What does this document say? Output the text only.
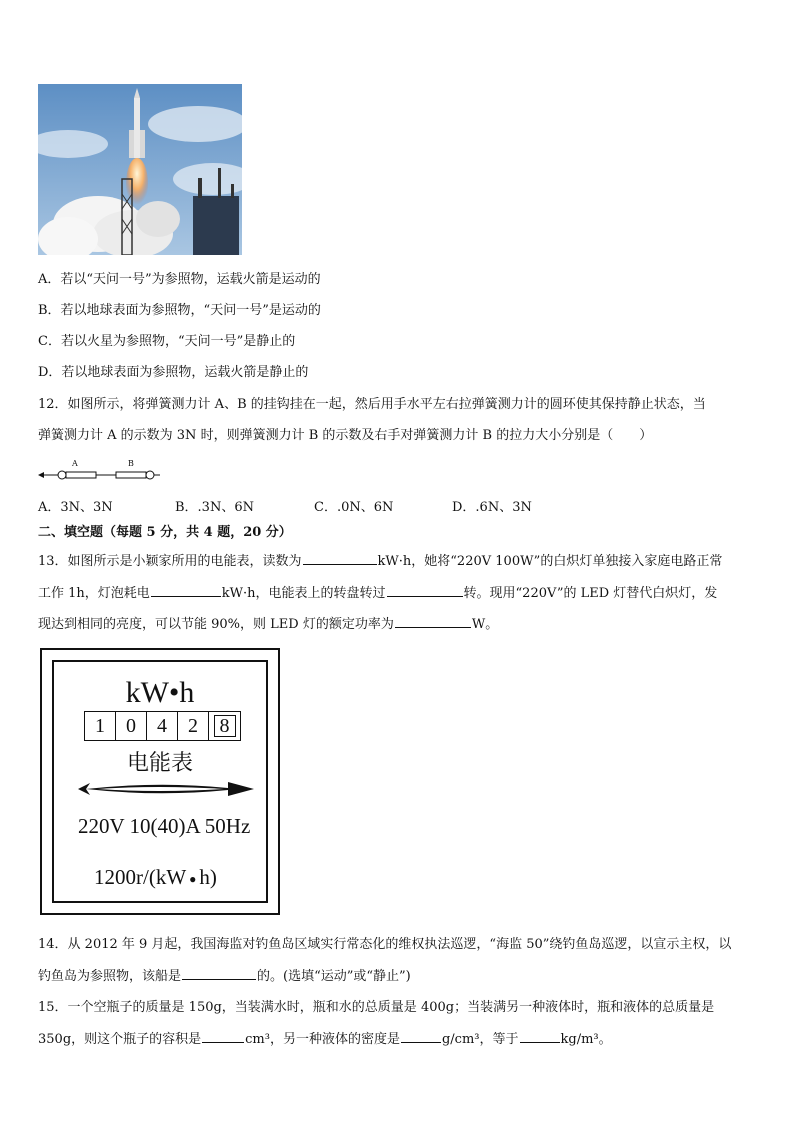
A．若以“天问一号”为参照物，运载火箭是运动的
B．若以地球表面为参照物，“天问一号”是运动的
C．若以火星为参照物，“天问一号”是静止的
D．若以地球表面为参照物，运载火箭是静止的
12．如图所示，将弹簧测力计 A、B 的挂钩挂在一起，然后用手水平左右拉弹簧测力计的圆环使其保持静止状态，当
弹簧测力计 A 的示数为 3N 时，则弹簧测力计 B 的示数及右手对弹簧测力计 B 的拉力大小分别是（　　）
A	B
A．3N、3N	B．.3N、6N	C．.0N、6N	D．.6N、3N
二、填空题（每题 5 分，共 4 题，20 分）
13．如图所示是小颖家所用的电能表，读数为	kW·h，她将“220V 100W”的白炽灯单独接入家庭电路正常
工作 1h，灯泡耗电	kW·h，电能表上的转盘转过	转。现用“220V”的 LED 灯替代白炽灯，发
现达到相同的亮度，可以节能 90%，则 LED 灯的额定功率为	W。
kW•h
1	0	4	2	8
电能表
220V 10(40)A 50Hz
1200r/(kW ● h)
14．从 2012 年 9 月起，我国海监对钓鱼岛区域实行常态化的维权执法巡逻，“海监 50”绕钓鱼岛巡逻，以宣示主权，以
钓鱼岛为参照物，该船是	的。(选填“运动”或“静止”)
15．一个空瓶子的质量是 150g，当装满水时，瓶和水的总质量是 400g；当装满另一种液体时，瓶和液体的总质量是
350g，则这个瓶子的容积是	cm³，另一种液体的密度是	g/cm³，等于	kg/m³。
